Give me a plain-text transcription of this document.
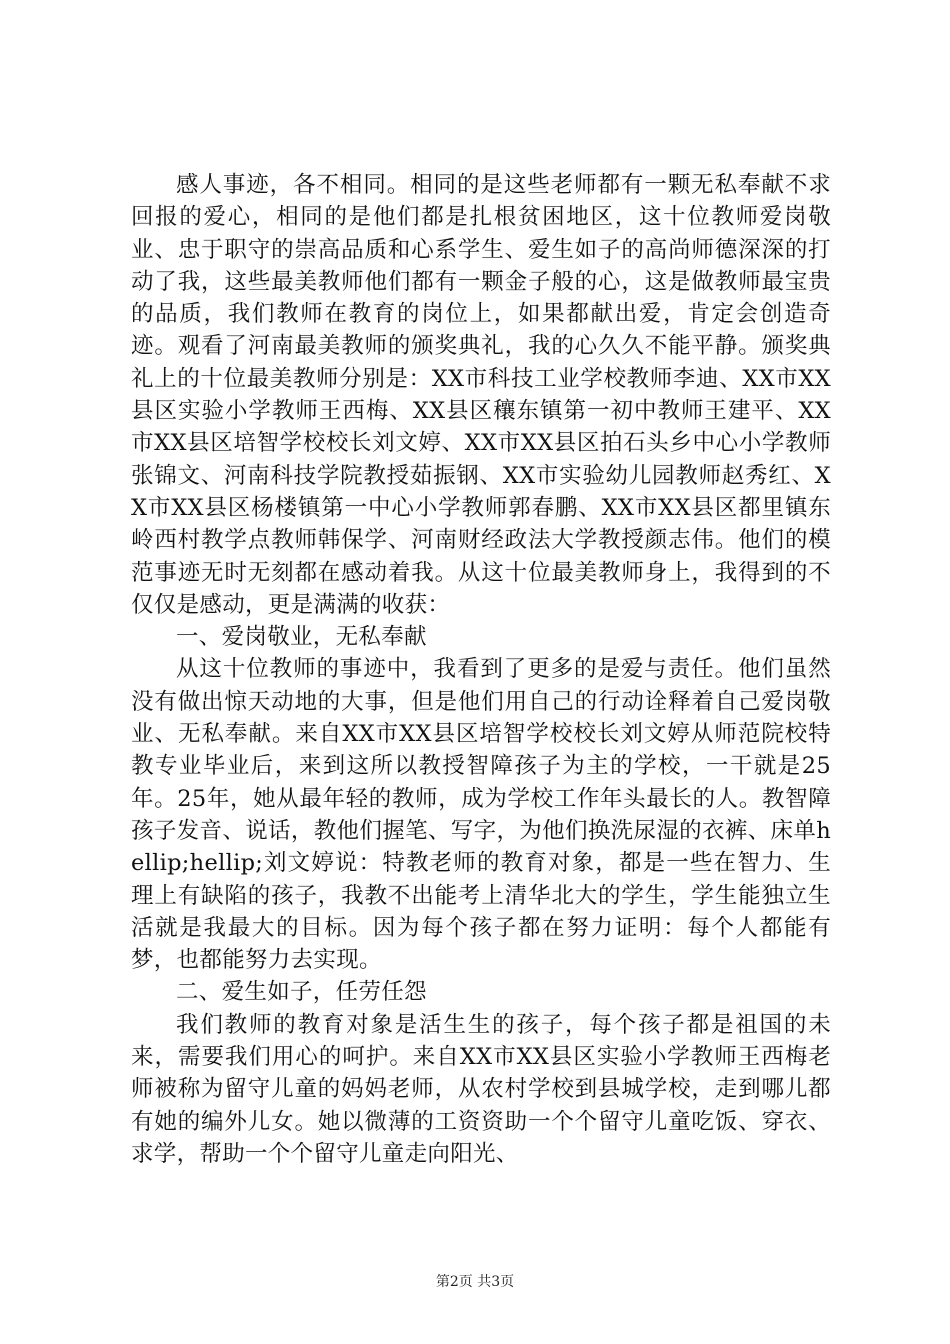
感人事迹，各不相同。相同的是这些老师都有一颗无私奉献不求回报的爱心，相同的是他们都是扎根贫困地区，这十位教师爱岗敬业、忠于职守的崇高品质和心系学生、爱生如子的高尚师德深深的打动了我，这些最美教师他们都有一颗金子般的心，这是做教师最宝贵的品质，我们教师在教育的岗位上，如果都献出爱，肯定会创造奇迹。观看了河南最美教师的颁奖典礼，我的心久久不能平静。颁奖典礼上的十位最美教师分别是：XX市科技工业学校教师李迪、XX市XX县区实验小学教师王西梅、XX县区穰东镇第一初中教师王建平、XX市XX县区培智学校校长刘文婷、XX市XX县区拍石头乡中心小学教师张锦文、河南科技学院教授茹振钢、XX市实验幼儿园教师赵秀红、XX市XX县区杨楼镇第一中心小学教师郭春鹏、XX市XX县区都里镇东岭西村教学点教师韩保学、河南财经政法大学教授颜志伟。他们的模范事迹无时无刻都在感动着我。从这十位最美教师身上，我得到的不仅仅是感动，更是满满的收获：

一、爱岗敬业，无私奉献

从这十位教师的事迹中，我看到了更多的是爱与责任。他们虽然没有做出惊天动地的大事，但是他们用自己的行动诠释着自己爱岗敬业、无私奉献。来自XX市XX县区培智学校校长刘文婷从师范院校特教专业毕业后，来到这所以教授智障孩子为主的学校，一干就是25年。25年，她从最年轻的教师，成为学校工作年头最长的人。教智障孩子发音、说话，教他们握笔、写字，为他们换洗尿湿的衣裤、床单hellip;hellip;刘文婷说：特教老师的教育对象，都是一些在智力、生理上有缺陷的孩子，我教不出能考上清华北大的学生，学生能独立生活就是我最大的目标。因为每个孩子都在努力证明：每个人都能有梦，也都能努力去实现。

二、爱生如子，任劳任怨

我们教师的教育对象是活生生的孩子，每个孩子都是祖国的未来，需要我们用心的呵护。来自XX市XX县区实验小学教师王西梅老师被称为留守儿童的妈妈老师，从农村学校到县城学校，走到哪儿都有她的编外儿女。她以微薄的工资资助一个个留守儿童吃饭、穿衣、求学，帮助一个个留守儿童走向阳光、

第2页 共3页
